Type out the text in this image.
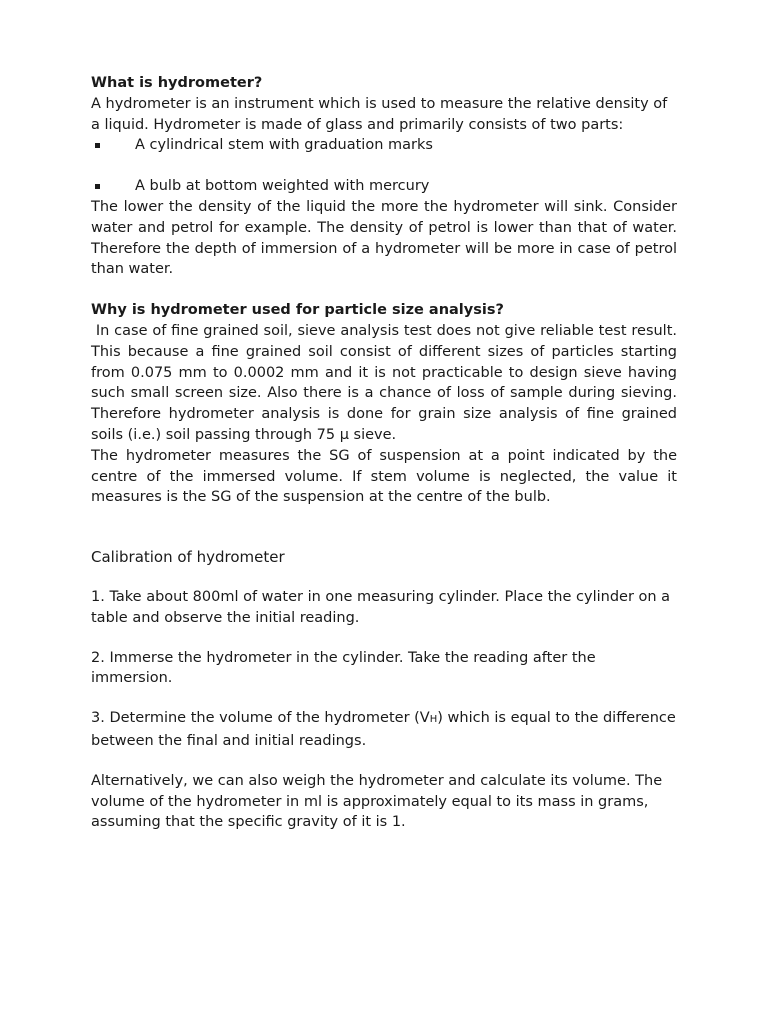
What is hydrometer?

A hydrometer is an instrument which is used to measure the relative density of a liquid. Hydrometer is made of glass and primarily consists of two parts:

A cylindrical stem with graduation marks

A bulb at bottom weighted with mercury

The lower the density of the liquid the more the hydrometer will sink. Consider water and petrol for example. The density of petrol is lower than that of water. Therefore the depth of immersion of a hydrometer will be more in case of petrol than water.

Why is hydrometer used for particle size analysis?

In case of fine grained soil, sieve analysis test does not give reliable test result. This because a fine grained soil consist of different sizes of particles starting from 0.075 mm to 0.0002 mm and it is not practicable to design sieve having such small screen size. Also there is a chance of loss of sample during sieving. Therefore hydrometer analysis is done for grain size analysis of fine grained soils (i.e.) soil passing through 75 µ sieve.

The hydrometer measures the SG of suspension at a point indicated by the centre of the immersed volume. If stem volume is neglected, the value it measures is the SG of the suspension at the centre of the bulb.

Calibration of hydrometer

1. Take about 800ml of water in one measuring cylinder. Place the cylinder on a table and observe the initial reading.

2. Immerse the hydrometer in the cylinder. Take the reading after the immersion.

3. Determine the volume of the hydrometer (VH) which is equal to the difference between the final and initial readings.

Alternatively, we can also weigh the hydrometer and calculate its volume. The volume of the hydrometer in ml is approximately equal to its mass in grams, assuming that the specific gravity of it is 1.
